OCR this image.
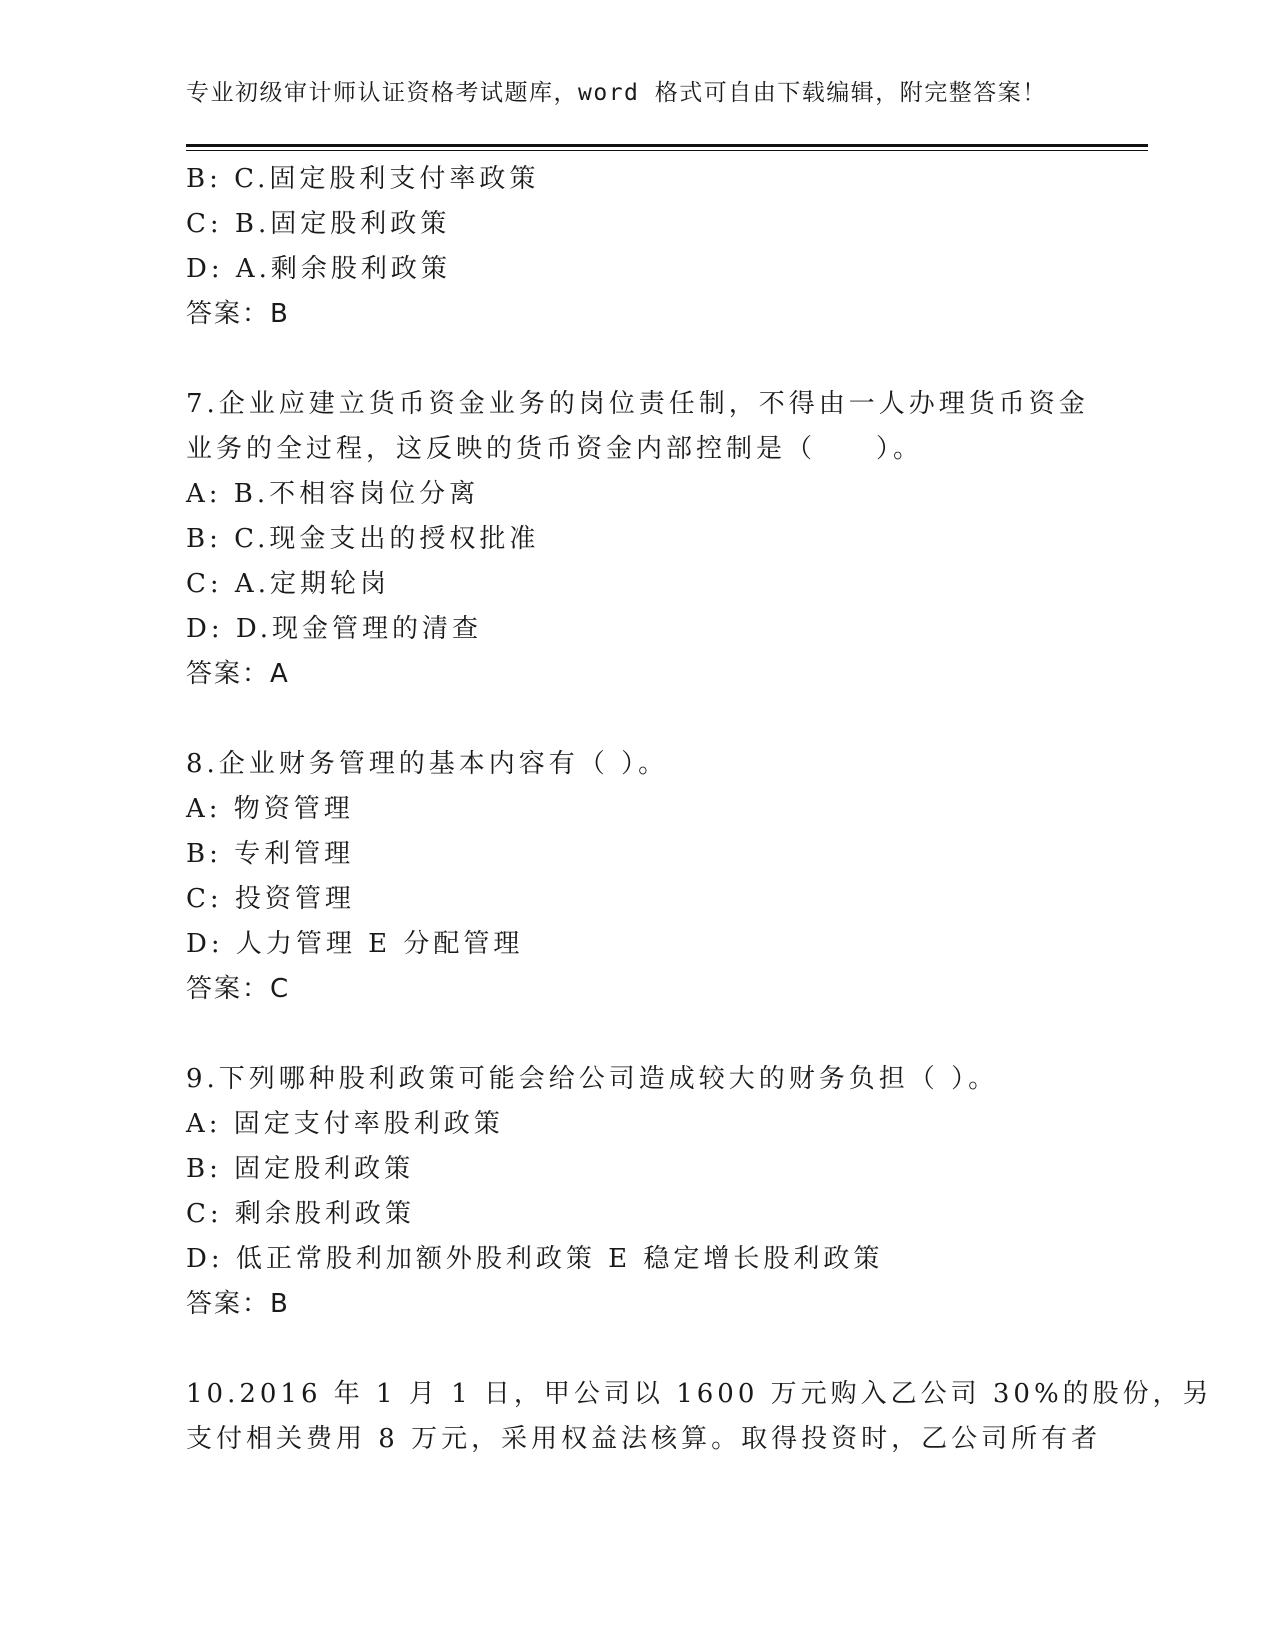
专业初级审计师认证资格考试题库，word 格式可自由下载编辑，附完整答案！
B: C.固定股利支付率政策
C: B.固定股利政策
D: A.剩余股利政策
答案：B
7.企业应建立货币资金业务的岗位责任制，不得由一人办理货币资金
业务的全过程，这反映的货币资金内部控制是（　　）。
A: B.不相容岗位分离
B: C.现金支出的授权批准
C: A.定期轮岗
D: D.现金管理的清查
答案：A
8.企业财务管理的基本内容有（ ）。
A: 物资管理
B: 专利管理
C: 投资管理
D: 人力管理 E 分配管理
答案：C
9.下列哪种股利政策可能会给公司造成较大的财务负担（ ）。
A: 固定支付率股利政策
B: 固定股利政策
C: 剩余股利政策
D: 低正常股利加额外股利政策 E 稳定增长股利政策
答案：B
10.2016 年 1 月 1 日，甲公司以 1600 万元购入乙公司 30%的股份，另
支付相关费用 8 万元，采用权益法核算。取得投资时，乙公司所有者
